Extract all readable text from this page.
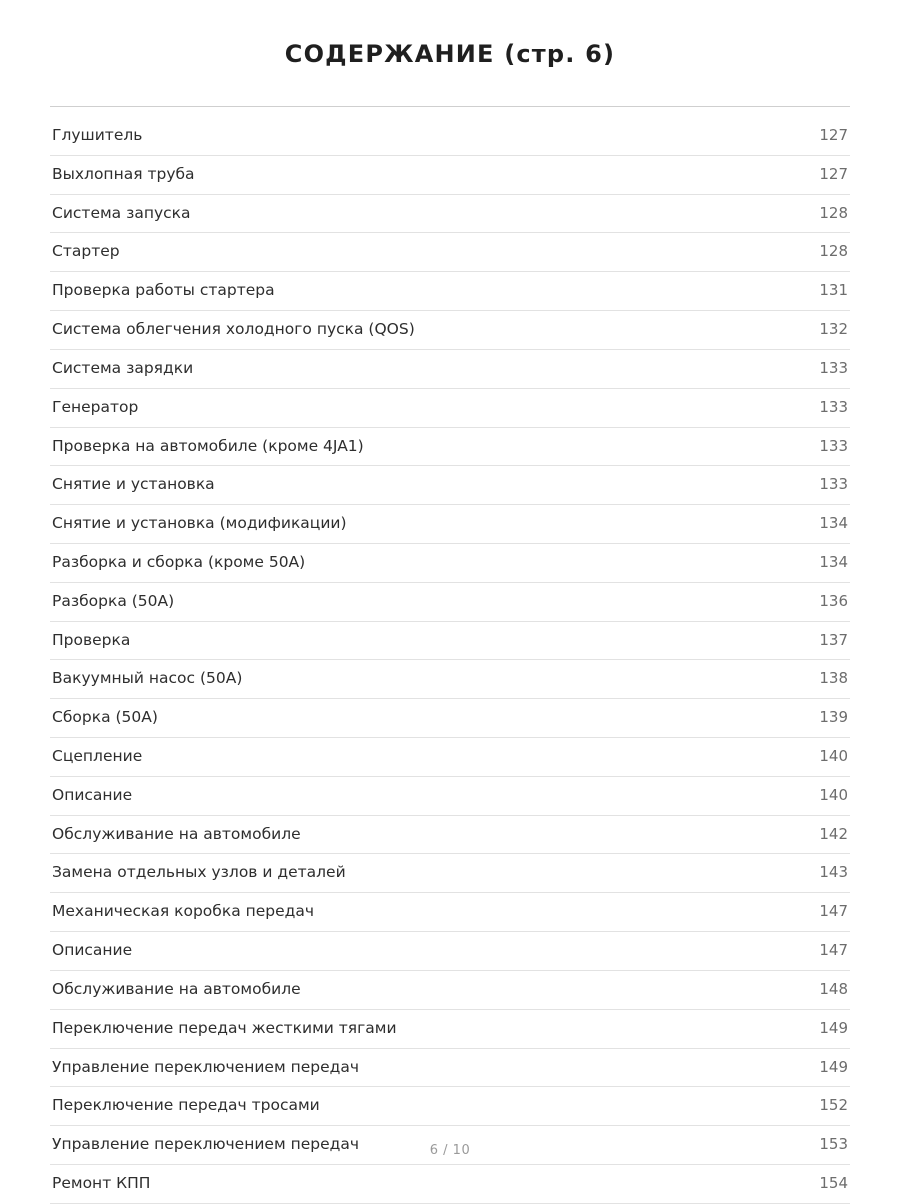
СОДЕРЖАНИЕ (стр. 6)
Глушитель	127
Выхлопная труба	127
Система запуска	128
Стартер	128
Проверка работы стартера	131
Система облегчения холодного пуска (QOS)	132
Система зарядки	133
Генератор	133
Проверка на автомобиле (кроме 4JA1)	133
Снятие и установка	133
Снятие и установка (модификации)	134
Разборка и сборка (кроме 50А)	134
Разборка (50А)	136
Проверка	137
Вакуумный насос (50А)	138
Сборка (50А)	139
Сцепление	140
Описание	140
Обслуживание на автомобиле	142
Замена отдельных узлов и деталей	143
Механическая коробка передач	147
Описание	147
Обслуживание на автомобиле	148
Переключение передач жесткими тягами	149
Управление переключением передач	149
Переключение передач тросами	152
Управление переключением передач	153
Ремонт КПП	154
6 / 10
